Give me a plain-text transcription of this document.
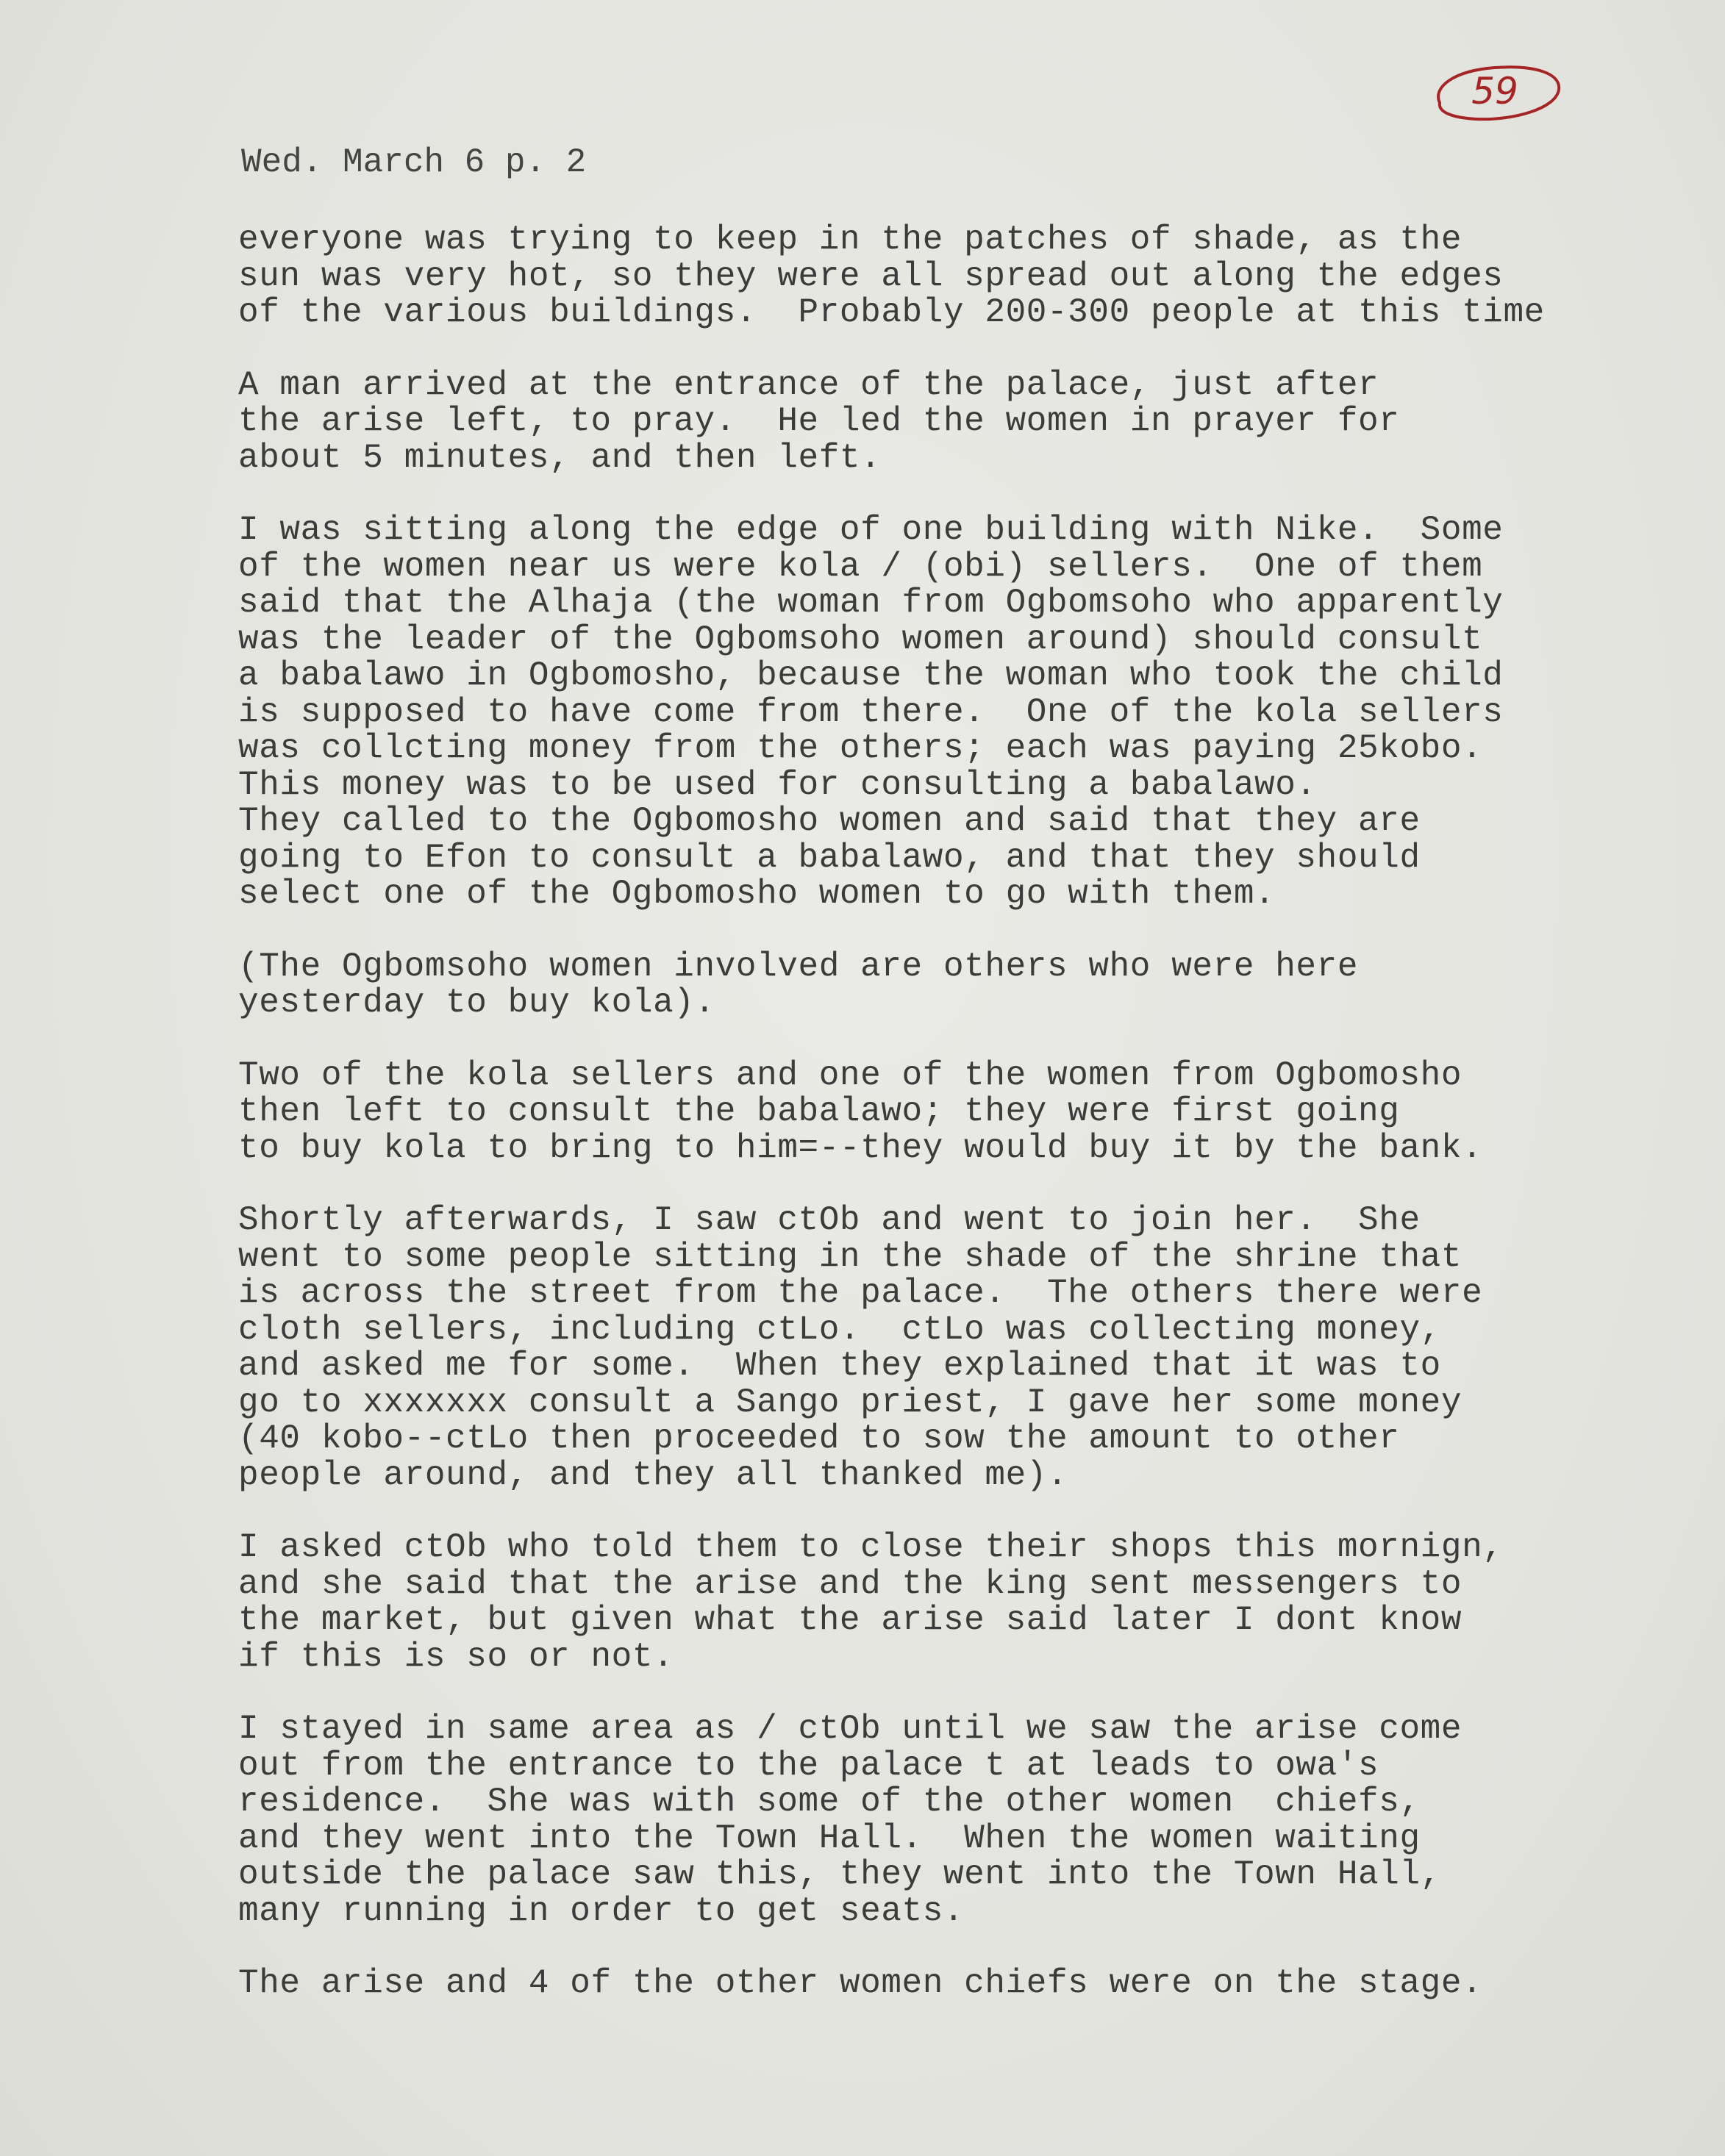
59
Wed. March 6 p. 2
everyone was trying to keep in the patches of shade, as the
sun was very hot, so they were all spread out along the edges
of the various buildings.  Probably 200-300 people at this time
A man arrived at the entrance of the palace, just after
the arise left, to pray.  He led the women in prayer for
about 5 minutes, and then left.
I was sitting along the edge of one building with Nike.  Some
of the women near us were kola / (obi) sellers.  One of them
said that the Alhaja (the woman from Ogbomsoho who apparently
was the leader of the Ogbomsoho women around) should consult
a babalawo in Ogbomosho, because the woman who took the child
is supposed to have come from there.  One of the kola sellers
was collcting money from the others; each was paying 25kobo.
This money was to be used for consulting a babalawo.
They called to the Ogbomosho women and said that they are
going to Efon to consult a babalawo, and that they should
select one of the Ogbomosho women to go with them.
(The Ogbomsoho women involved are others who were here
yesterday to buy kola).
Two of the kola sellers and one of the women from Ogbomosho
then left to consult the babalawo; they were first going
to buy kola to bring to him=--they would buy it by the bank.
Shortly afterwards, I saw ctOb and went to join her.  She
went to some people sitting in the shade of the shrine that
is across the street from the palace.  The others there were
cloth sellers, including ctLo.  ctLo was collecting money,
and asked me for some.  When they explained that it was to
go to xxxxxxx consult a Sango priest, I gave her some money
(40 kobo--ctLo then proceeded to sow the amount to other
people around, and they all thanked me).
I asked ctOb who told them to close their shops this mornign,
and she said that the arise and the king sent messengers to
the market, but given what the arise said later I dont know
if this is so or not.
I stayed in same area as / ctOb until we saw the arise come
out from the entrance to the palace t at leads to owa's
residence.  She was with some of the other women  chiefs,
and they went into the Town Hall.  When the women waiting
outside the palace saw this, they went into the Town Hall,
many running in order to get seats.
The arise and 4 of the other women chiefs were on the stage.
